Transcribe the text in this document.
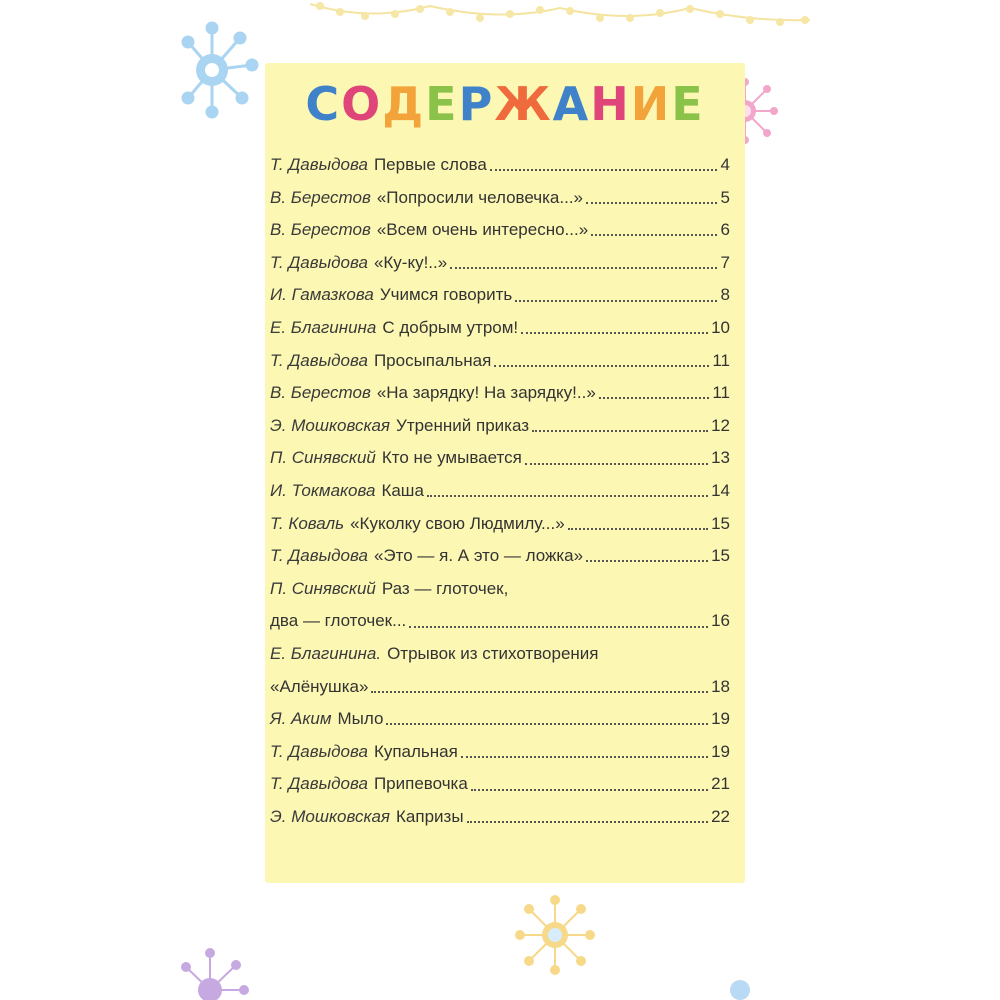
СОДЕРЖАНИЕ
Т. Давыдова Первые слова	4
В. Берестов «Попросили человечка...»	5
В. Берестов «Всем очень интересно...»	6
Т. Давыдова «Ку-ку!..»	7
И. Гамазкова Учимся говорить	8
Е. Благинина С добрым утром!	10
Т. Давыдова Просыпальная	11
В. Берестов «На зарядку! На зарядку!..»	11
Э. Мошковская Утренний приказ	12
П. Синявский Кто не умывается	13
И. Токмакова Каша	14
Т. Коваль «Куколку свою Людмилу...»	15
Т. Давыдова «Это — я. А это — ложка»	15
П. Синявский Раз — глоточек,
два — глоточек...	16
Е. Благинина. Отрывок из стихотворения
«Алёнушка»	18
Я. Аким Мыло	19
Т. Давыдова Купальная	19
Т. Давыдова Припевочка	21
Э. Мошковская Капризы	22
